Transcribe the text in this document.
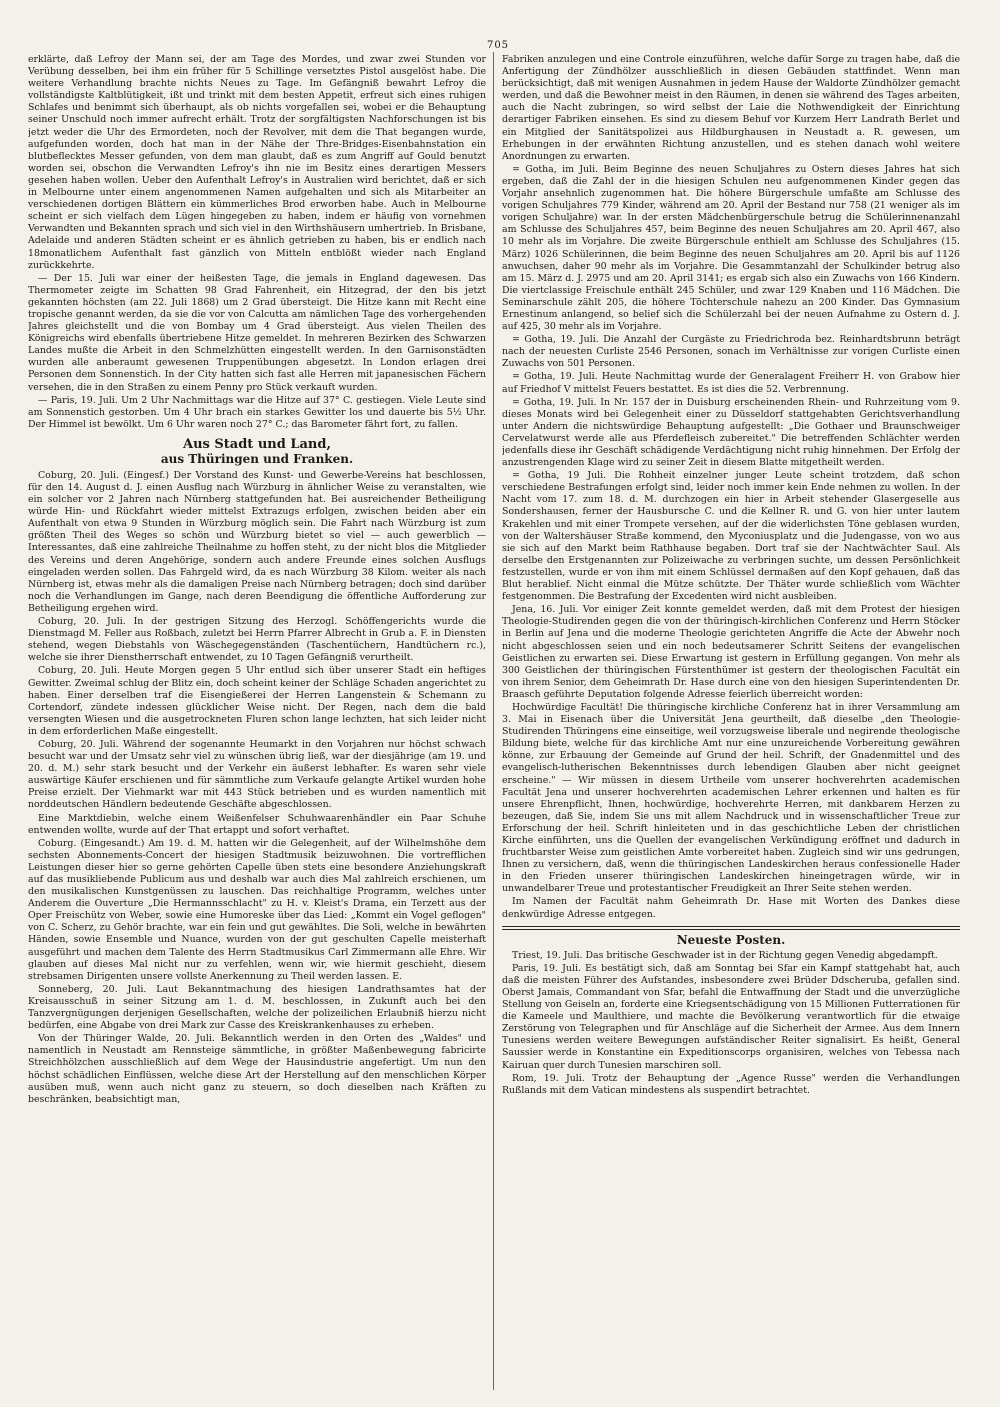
705

erklärte, daß Lefroy der Mann sei, der am Tage des Mordes, und zwar zwei Stunden vor Verübung desselben, bei ihm ein früher für 5 Schillinge versetztes Pistol ausgelöst habe. Die weitere Verhandlung brachte nichts Neues zu Tage. Im Gefängniß bewahrt Lefroy die vollständigste Kaltblütigkeit, ißt und trinkt mit dem besten Appetit, erfreut sich eines ruhigen Schlafes und benimmt sich überhaupt, als ob nichts vorgefallen sei, wobei er die Behauptung seiner Unschuld noch immer aufrecht erhält. Trotz der sorgfältigsten Nachforschungen ist bis jetzt weder die Uhr des Ermordeten, noch der Revolver, mit dem die That begangen wurde, aufgefunden worden, doch hat man in der Nähe der Thre-Bridges-Eisenbahnstation ein blutbeflecktes Messer gefunden, von dem man glaubt, daß es zum Angriff auf Gould benutzt worden sei, obschon die Verwandten Lefroy's ihn nie im Besitz eines derartigen Messers gesehen haben wollen. Ueber den Aufenthalt Lefroy's in Australien wird berichtet, daß er sich in Melbourne unter einem angenommenen Namen aufgehalten und sich als Mitarbeiter an verschiedenen dortigen Blättern ein kümmerliches Brod erworben habe. Auch in Melbourne scheint er sich vielfach dem Lügen hingegeben zu haben, indem er häufig von vornehmen Verwandten und Bekannten sprach und sich viel in den Wirthshäusern umhertrieb. In Brisbane, Adelaide und anderen Städten scheint er es ähnlich getrieben zu haben, bis er endlich nach 18monatlichem Aufenthalt fast gänzlich von Mitteln entblößt wieder nach England zurückkehrte.

— Der 15. Juli war einer der heißesten Tage, die jemals in England dagewesen. Das Thermometer zeigte im Schatten 98 Grad Fahrenheit, ein Hitzegrad, der den bis jetzt gekannten höchsten (am 22. Juli 1868) um 2 Grad übersteigt. Die Hitze kann mit Recht eine tropische genannt werden, da sie die vor von Calcutta am nämlichen Tage des vorhergehenden Jahres gleichstellt und die von Bombay um 4 Grad übersteigt. Aus vielen Theilen des Königreichs wird ebenfalls übertriebene Hitze gemeldet. In mehreren Bezirken des Schwarzen Landes mußte die Arbeit in den Schmelzhütten eingestellt werden. In den Garnisonstädten wurden alle anberaumt gewesenen Truppenübungen abgesetzt. In London erlagen drei Personen dem Sonnenstich. In der City hatten sich fast alle Herren mit japanesischen Fächern versehen, die in den Straßen zu einem Penny pro Stück verkauft wurden.

— Paris, 19. Juli. Um 2 Uhr Nachmittags war die Hitze auf 37° C. gestiegen. Viele Leute sind am Sonnenstich gestorben. Um 4 Uhr brach ein starkes Gewitter los und dauerte bis 5½ Uhr. Der Himmel ist bewölkt. Um 6 Uhr waren noch 27° C.; das Barometer fährt fort, zu fallen.

Aus Stadt und Land,
aus Thüringen und Franken.

Coburg, 20. Juli. (Eingesf.) Der Vorstand des Kunst- und Gewerbe-Vereins hat beschlossen, für den 14. August d. J. einen Ausflug nach Würzburg in ähnlicher Weise zu veranstalten, wie ein solcher vor 2 Jahren nach Nürnberg stattgefunden hat. Bei ausreichender Betheiligung würde Hin- und Rückfahrt wieder mittelst Extrazugs erfolgen, zwischen beiden aber ein Aufenthalt von etwa 9 Stunden in Würzburg möglich sein. Die Fahrt nach Würzburg ist zum größten Theil des Weges so schön und Würzburg bietet so viel — auch gewerblich — Interessantes, daß eine zahlreiche Theilnahme zu hoffen steht, zu der nicht blos die Mitglieder des Vereins und deren Angehörige, sondern auch andere Freunde eines solchen Ausflugs eingeladen werden sollen. Das Fahrgeld wird, da es nach Würzburg 38 Kilom. weiter als nach Nürnberg ist, etwas mehr als die damaligen Preise nach Nürnberg betragen; doch sind darüber noch die Verhandlungen im Gange, nach deren Beendigung die öffentliche Aufforderung zur Betheiligung ergehen wird.

Coburg, 20. Juli. In der gestrigen Sitzung des Herzogl. Schöffengerichts wurde die Dienstmagd M. Feller aus Roßbach, zuletzt bei Herrn Pfarrer Albrecht in Grub a. F. in Diensten stehend, wegen Diebstahls von Wäschegegenständen (Taschentüchern, Handtüchern rc.), welche sie ihrer Dienstherrschaft entwendet, zu 10 Tagen Gefängniß verurtheilt.

Coburg, 20. Juli. Heute Morgen gegen 5 Uhr entlud sich über unserer Stadt ein heftiges Gewitter. Zweimal schlug der Blitz ein, doch scheint keiner der Schläge Schaden angerichtet zu haben. Einer derselben traf die Eisengießerei der Herren Langenstein & Schemann zu Cortendorf, zündete indessen glücklicher Weise nicht. Der Regen, nach dem die bald versengten Wiesen und die ausgetrockneten Fluren schon lange lechzten, hat sich leider nicht in dem erforderlichen Maße eingestellt.

Coburg, 20. Juli. Während der sogenannte Heumarkt in den Vorjahren nur höchst schwach besucht war und der Umsatz sehr viel zu wünschen übrig ließ, war der diesjährige (am 19. und 20. d. M.) sehr stark besucht und der Verkehr ein äußerst lebhafter. Es waren sehr viele auswärtige Käufer erschienen und für sämmtliche zum Verkaufe gelangte Artikel wurden hohe Preise erzielt. Der Viehmarkt war mit 443 Stück betrieben und es wurden namentlich mit norddeutschen Händlern bedeutende Geschäfte abgeschlossen.

Eine Marktdiebin, welche einem Weißenfelser Schuhwaarenhändler ein Paar Schuhe entwenden wollte, wurde auf der That ertappt und sofort verhaftet.

Coburg. (Eingesandt.) Am 19. d. M. hatten wir die Gelegenheit, auf der Wilhelmshöhe dem sechsten Abonnements-Concert der hiesigen Stadtmusik beizuwohnen. Die vortrefflichen Leistungen dieser hier so gerne gehörten Capelle üben stets eine besondere Anziehungskraft auf das musikliebende Publicum aus und deshalb war auch dies Mal zahlreich erschienen, um den musikalischen Kunstgenüssen zu lauschen. Das reichhaltige Programm, welches unter Anderem die Ouverture „Die Hermannsschlacht" zu H. v. Kleist's Drama, ein Terzett aus der Oper Freischütz von Weber, sowie eine Humoreske über das Lied: „Kommt ein Vogel geflogen" von C. Scherz, zu Gehör brachte, war ein fein und gut gewähltes. Die Soli, welche in bewährten Händen, sowie Ensemble und Nuance, wurden von der gut geschulten Capelle meisterhaft ausgeführt und machen dem Talente des Herrn Stadtmusikus Carl Zimmermann alle Ehre. Wir glauben auf dieses Mal nicht nur zu verfehlen, wenn wir, wie hiermit geschieht, diesem strebsamen Dirigenten unsere vollste Anerkennung zu Theil werden lassen. E.

Sonneberg, 20. Juli. Laut Bekanntmachung des hiesigen Landrathsamtes hat der Kreisausschuß in seiner Sitzung am 1. d. M. beschlossen, in Zukunft auch bei den Tanzvergnügungen derjenigen Gesellschaften, welche der polizeilichen Erlaubniß hierzu nicht bedürfen, eine Abgabe von drei Mark zur Casse des Kreiskrankenhauses zu erheben.

Von der Thüringer Walde, 20. Juli. Bekanntlich werden in den Orten des „Waldes" und namentlich in Neustadt am Rennsteige sämmtliche, in größter Maßenbewegung fabricirte Streichhölzchen ausschließlich auf dem Wege der Hausindustrie angefertigt. Um nun den höchst schädlichen Einflüssen, welche diese Art der Herstellung auf den menschlichen Körper ausüben muß, wenn auch nicht ganz zu steuern, so doch dieselben nach Kräften zu beschränken, beabsichtigt man,

Fabriken anzulegen und eine Controle einzuführen, welche dafür Sorge zu tragen habe, daß die Anfertigung der Zündhölzer ausschließlich in diesen Gebäuden stattfindet. Wenn man berücksichtigt, daß mit wenigen Ausnahmen in jedem Hause der Waldorte Zündhölzer gemacht werden, und daß die Bewohner meist in den Räumen, in denen sie während des Tages arbeiten, auch die Nacht zubringen, so wird selbst der Laie die Nothwendigkeit der Einrichtung derartiger Fabriken einsehen. Es sind zu diesem Behuf vor Kurzem Herr Landrath Berlet und ein Mitglied der Sanitätspolizei aus Hildburghausen in Neustadt a. R. gewesen, um Erhebungen in der erwähnten Richtung anzustellen, und es stehen danach wohl weitere Anordnungen zu erwarten.

= Gotha, im Juli. Beim Beginne des neuen Schuljahres zu Ostern dieses Jahres hat sich ergeben, daß die Zahl der in die hiesigen Schulen neu aufgenommenen Kinder gegen das Vorjahr ansehnlich zugenommen hat. Die höhere Bürgerschule umfaßte am Schlusse des vorigen Schuljahres 779 Kinder, während am 20. April der Bestand nur 758 (21 weniger als im vorigen Schuljahre) war. In der ersten Mädchenbürgerschule betrug die Schülerinnenanzahl am Schlusse des Schuljahres 457, beim Beginne des neuen Schuljahres am 20. April 467, also 10 mehr als im Vorjahre. Die zweite Bürgerschule enthielt am Schlusse des Schuljahres (15. März) 1026 Schülerinnen, die beim Beginne des neuen Schuljahres am 20. April bis auf 1126 anwuchsen, daher 90 mehr als im Vorjahre. Die Gesammtanzahl der Schulkinder betrug also am 15. März d. J. 2975 und am 20. April 3141; es ergab sich also ein Zuwachs von 166 Kindern. Die viertclassige Freischule enthält 245 Schüler, und zwar 129 Knaben und 116 Mädchen. Die Seminarschule zählt 205, die höhere Töchterschule nahezu an 200 Kinder. Das Gymnasium Ernestinum anlangend, so belief sich die Schülerzahl bei der neuen Aufnahme zu Ostern d. J. auf 425, 30 mehr als im Vorjahre.

= Gotha, 19. Juli. Die Anzahl der Curgäste zu Friedrichroda bez. Reinhardtsbrunn beträgt nach der neuesten Curliste 2546 Personen, sonach im Verhältnisse zur vorigen Curliste einen Zuwachs von 501 Personen.

= Gotha, 19. Juli. Heute Nachmittag wurde der Generalagent Freiherr H. von Grabow hier auf Friedhof V mittelst Feuers bestattet. Es ist dies die 52. Verbrennung.

= Gotha, 19. Juli. In Nr. 157 der in Duisburg erscheinenden Rhein- und Ruhrzeitung vom 9. dieses Monats wird bei Gelegenheit einer zu Düsseldorf stattgehabten Gerichtsverhandlung unter Andern die nichtswürdige Behauptung aufgestellt: „Die Gothaer und Braunschweiger Cervelatwurst werde alle aus Pferdefleisch zubereitet." Die betreffenden Schlächter werden jedenfalls diese ihr Geschäft schädigende Verdächtigung nicht ruhig hinnehmen. Der Erfolg der anzustrengenden Klage wird zu seiner Zeit in diesem Blatte mitgetheilt werden.

= Gotha, 19 Juli. Die Rohheit einzelner junger Leute scheint trotzdem, daß schon verschiedene Bestrafungen erfolgt sind, leider noch immer kein Ende nehmen zu wollen. In der Nacht vom 17. zum 18. d. M. durchzogen ein hier in Arbeit stehender Glasergeselle aus Sondershausen, ferner der Hausbursche C. und die Kellner R. und G. von hier unter lautem Krakehlen und mit einer Trompete versehen, auf der die widerlichsten Töne geblasen wurden, von der Waltershäuser Straße kommend, den Myconiusplatz und die Judengasse, von wo aus sie sich auf den Markt beim Rathhause begaben. Dort traf sie der Nachtwächter Saul. Als derselbe den Erstgenannten zur Polizeiwache zu verbringen suchte, um dessen Persönlichkeit festzustellen, wurde er von ihm mit einem Schlüssel dermaßen auf den Kopf gehauen, daß das Blut herablief. Nicht einmal die Mütze schützte. Der Thäter wurde schließlich vom Wächter festgenommen. Die Bestrafung der Excedenten wird nicht ausbleiben.

Jena, 16. Juli. Vor einiger Zeit konnte gemeldet werden, daß mit dem Protest der hiesigen Theologie-Studirenden gegen die von der thüringisch-kirchlichen Conferenz und Herrn Stöcker in Berlin auf Jena und die moderne Theologie gerichteten Angriffe die Acte der Abwehr noch nicht abgeschlossen seien und ein noch bedeutsamerer Schritt Seitens der evangelischen Geistlichen zu erwarten sei. Diese Erwartung ist gestern in Erfüllung gegangen. Von mehr als 300 Geistlichen der thüringischen Fürstenthümer ist gestern der theologischen Facultät ein von ihrem Senior, dem Geheimrath Dr. Hase durch eine von den hiesigen Superintendenten Dr. Braasch geführte Deputation folgende Adresse feierlich überreicht worden:

Hochwürdige Facultät! Die thüringische kirchliche Conferenz hat in ihrer Versammlung am 3. Mai in Eisenach über die Universität Jena geurtheilt, daß dieselbe „den Theologie-Studirenden Thüringens eine einseitige, weil vorzugsweise liberale und negirende theologische Bildung biete, welche für das kirchliche Amt nur eine unzureichende Vorbereitung gewähren könne, zur Erbauung der Gemeinde auf Grund der heil. Schrift, der Gnadenmittel und des evangelisch-lutherischen Bekenntnisses durch lebendigen Glauben aber nicht geeignet erscheine." — Wir müssen in diesem Urtheile vom unserer hochverehrten academischen Facultät Jena und unserer hochverehrten academischen Lehrer erkennen und halten es für unsere Ehrenpflicht, Ihnen, hochwürdige, hochverehrte Herren, mit dankbarem Herzen zu bezeugen, daß Sie, indem Sie uns mit allem Nachdruck und in wissenschaftlicher Treue zur Erforschung der heil. Schrift hinleiteten und in das geschichtliche Leben der christlichen Kirche einführten, uns die Quellen der evangelischen Verkündigung eröffnet und dadurch in fruchtbarster Weise zum geistlichen Amte vorbereitet haben. Zugleich sind wir uns gedrungen, Ihnen zu versichern, daß, wenn die thüringischen Landeskirchen heraus confessionelle Hader in den Frieden unserer thüringischen Landeskirchen hineingetragen würde, wir in unwandelbarer Treue und protestantischer Freudigkeit an Ihrer Seite stehen werden.

Im Namen der Facultät nahm Geheimrath Dr. Hase mit Worten des Dankes diese denkwürdige Adresse entgegen.

Neueste Posten.

Triest, 19. Juli. Das britische Geschwader ist in der Richtung gegen Venedig abgedampft.

Paris, 19. Juli. Es bestätigt sich, daß am Sonntag bei Sfar ein Kampf stattgehabt hat, auch daß die meisten Führer des Aufstandes, insbesondere zwei Brüder Ddscheruba, gefallen sind. Oberst Jamais, Commandant von Sfar, befahl die Entwaffnung der Stadt und die unverzügliche Stellung von Geiseln an, forderte eine Kriegsentschädigung von 15 Millionen Futterrationen für die Kameele und Maulthiere, und machte die Bevölkerung verantwortlich für die etwaige Zerstörung von Telegraphen und für Anschläge auf die Sicherheit der Armee. Aus dem Innern Tunesiens werden weitere Bewegungen aufständischer Reiter signalisirt. Es heißt, General Saussier werde in Konstantine ein Expeditionscorps organisiren, welches von Tebessa nach Kairuan quer durch Tunesien marschiren soll.

Rom, 19. Juli. Trotz der Behauptung der „Agence Russe" werden die Verhandlungen Rußlands mit dem Vatican mindestens als suspendirt betrachtet.
